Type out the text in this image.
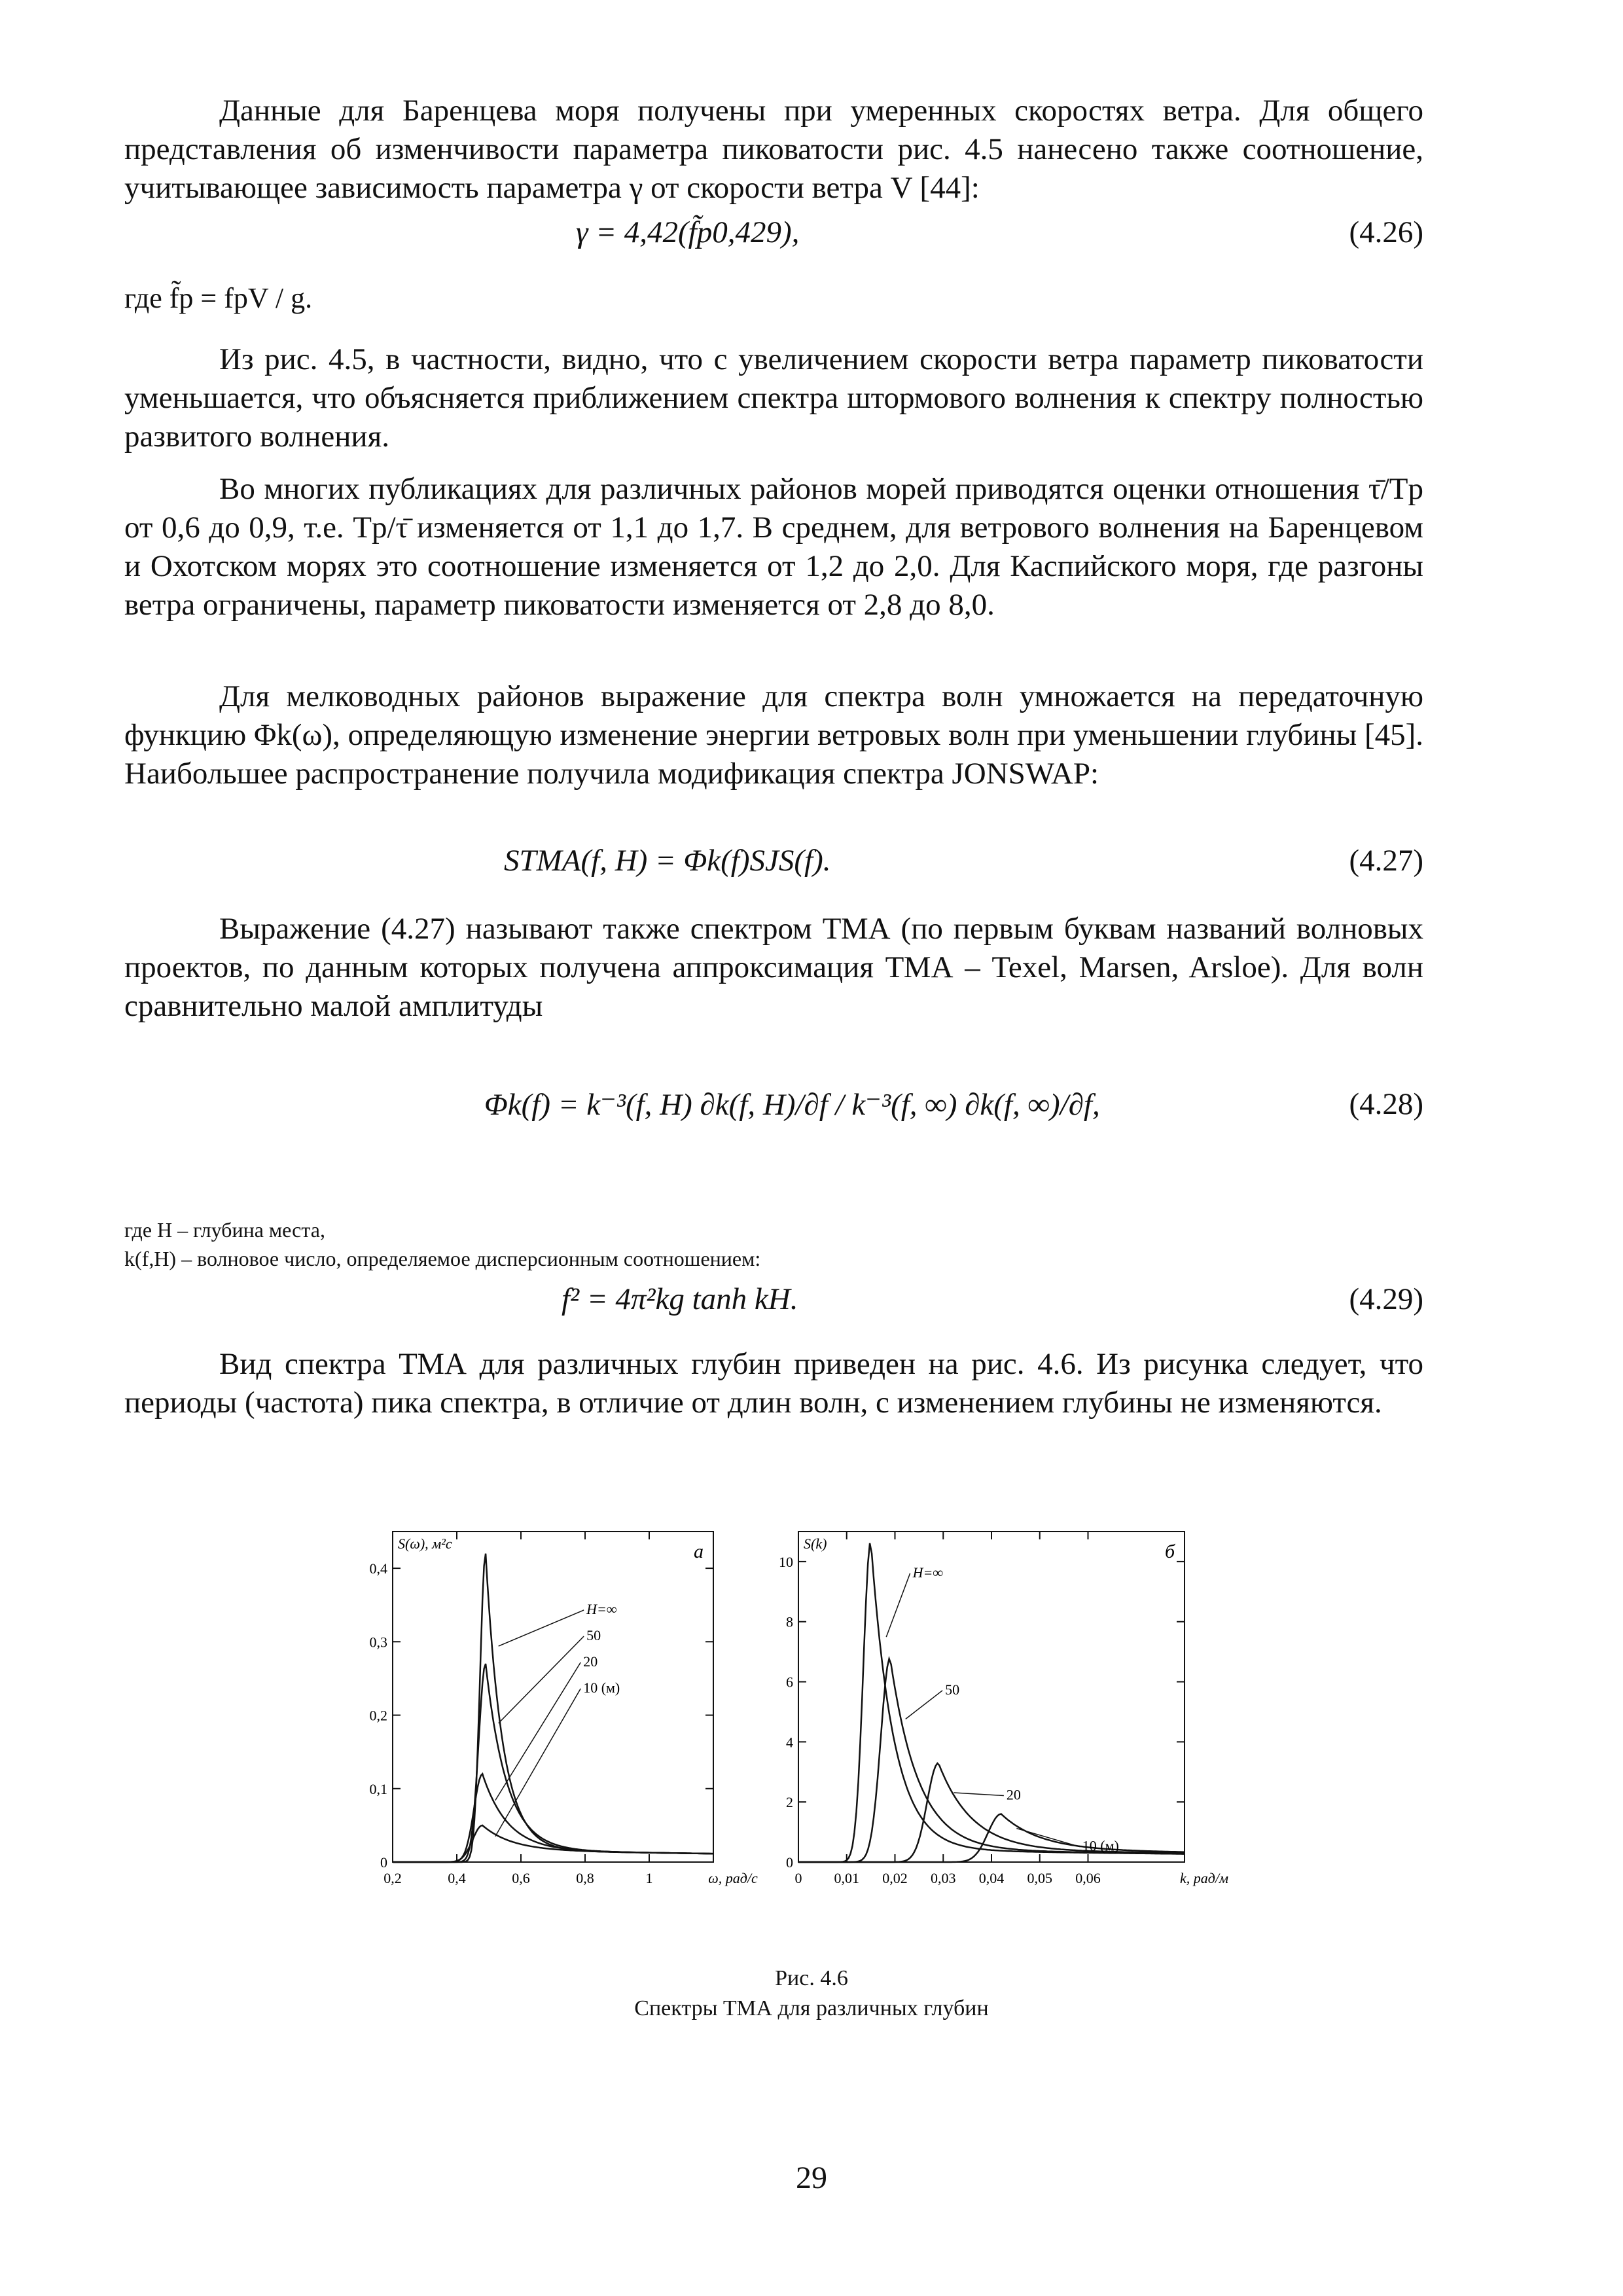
Данные для Баренцева моря получены при умеренных скоростях ветра. Для общего представления об изменчивости параметра пиковатости рис. 4.5 нанесено также соотношение, учитывающее зависимость параметра γ от скорости ветра V [44]:

γ = 4,42(f̃p0,429),	(4.26)
где f̃p = fpV / g.

Из рис. 4.5, в частности, видно, что с увеличением скорости ветра параметр пиковатости уменьшается, что объясняется приближением спектра штормового волнения к спектру полностью развитого волнения.

Во многих публикациях для различных районов морей приводятся оценки отношения τ̄/Tp от 0,6 до 0,9, т.е. Tp/τ̄ изменяется от 1,1 до 1,7. В среднем, для ветрового волнения на Баренцевом и Охотском морях это соотношение изменяется от 1,2 до 2,0. Для Каспийского моря, где разгоны ветра ограничены, параметр пиковатости изменяется от 2,8 до 8,0.

Для мелководных районов выражение для спектра волн умножается на передаточную функцию Φk(ω), определяющую изменение энергии ветровых волн при уменьшении глубины [45]. Наибольшее распространение получила модификация спектра JONSWAP:

STMA(f, H) = Φk(f)SJS(f).	(4.27)

Выражение (4.27) называют также спектром ТМА (по первым буквам названий волновых проектов, по данным которых получена аппроксимация ТМА – Texel, Marsen, Arsloe). Для волн сравнительно малой амплитуды

Φk(f) = k⁻³(f, H) ∂k(f, H)/∂f / k⁻³(f, ∞) ∂k(f, ∞)/∂f,	(4.28)
где H – глубина места,
k(f,H) – волновое число, определяемое дисперсионным соотношением:
f² = 4π²kg tanh kH.	(4.29)

Вид спектра ТМА для различных глубин приведен на рис. 4.6. Из рисунка следует, что периоды (частота) пика спектра, в отличие от длин волн, с изменением глубины не изменяются.

0
0,1
0,2
0,3
0,4
0,2	0,4	0,6	0,8	1
S(ω), м²с
ω, рад/с
а
H=∞
50
20
10 (м)
0
2
4
6
8
10
0 0,01 0,02 0,03 0,04 0,05 0,06
S(k)
k, рад/м
б
H=∞
50
20
10 (м)
Рис. 4.6
Спектры ТМА для различных глубин
29
